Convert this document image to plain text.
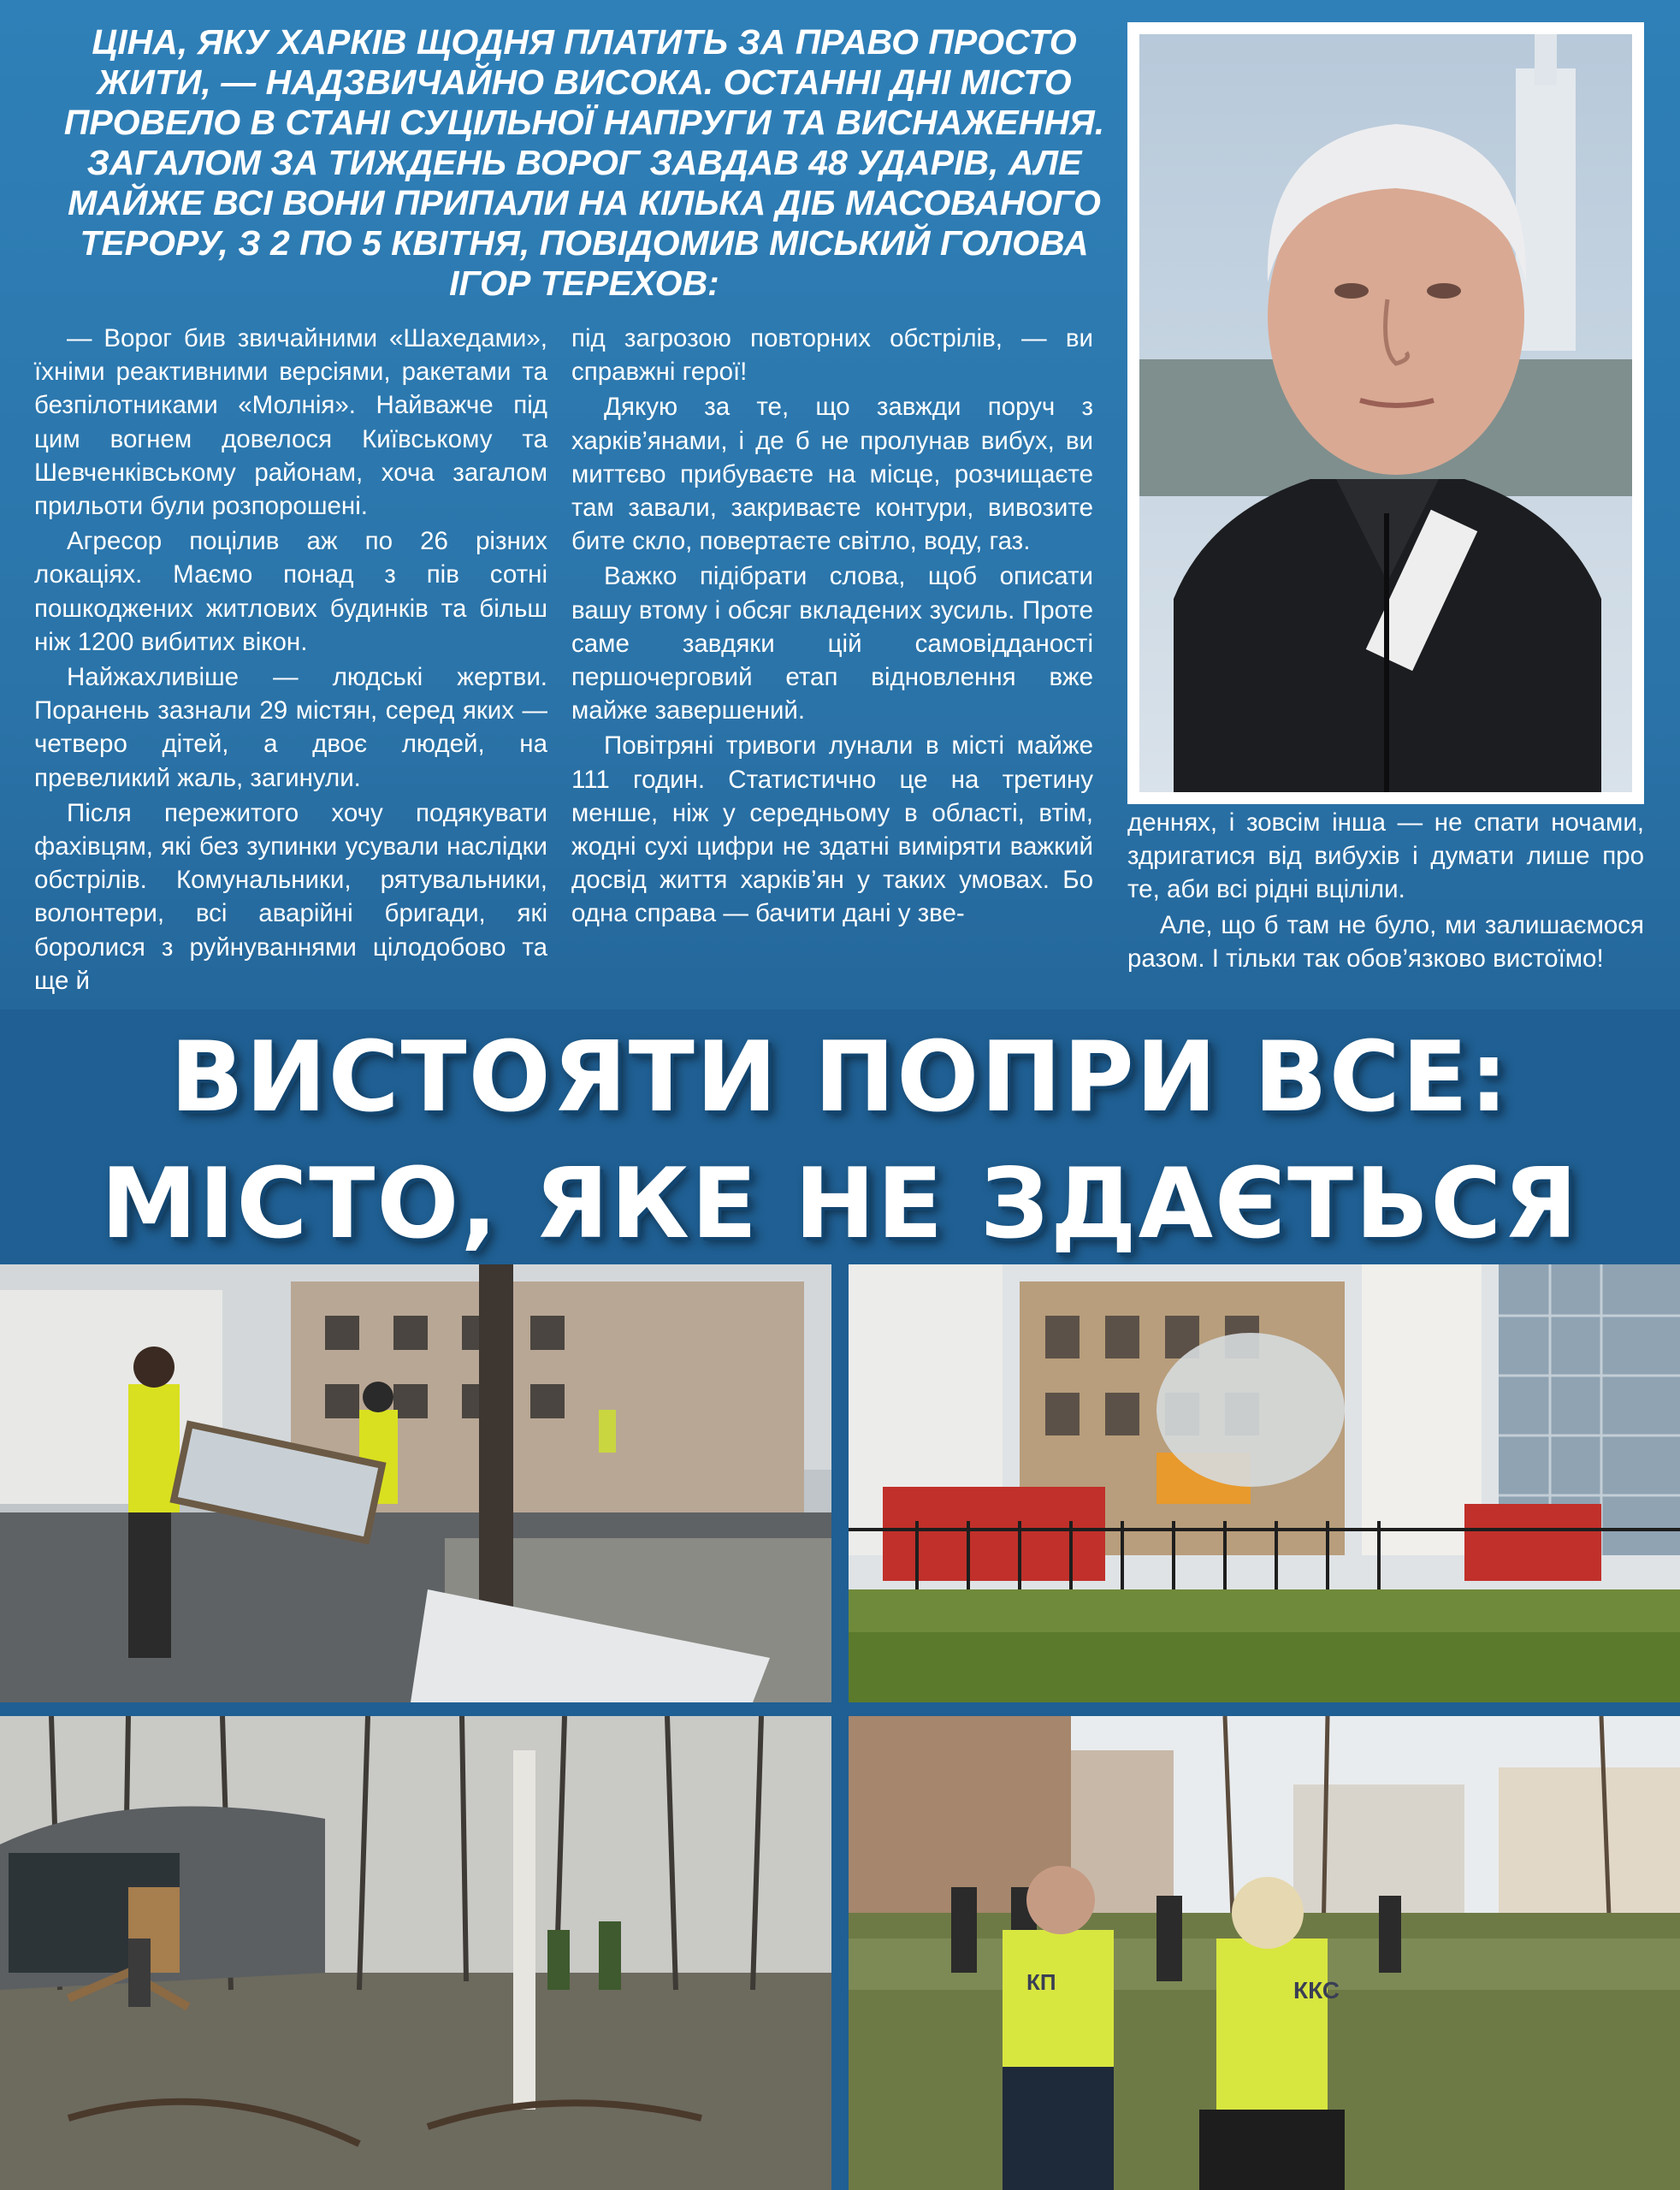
ЦІНА, ЯКУ ХАРКІВ ЩОДНЯ ПЛАТИТЬ ЗА ПРАВО ПРОСТО ЖИТИ, — НАДЗВИЧАЙНО ВИСОКА. ОСТАННІ ДНІ МІСТО ПРОВЕЛО В СТАНІ СУЦІЛЬНОЇ НАПРУГИ ТА ВИСНАЖЕННЯ. ЗАГАЛОМ ЗА ТИЖДЕНЬ ВОРОГ ЗАВДАВ 48 УДАРІВ, АЛЕ МАЙЖЕ ВСІ ВОНИ ПРИПАЛИ НА КІЛЬКА ДІБ МАСОВАНОГО ТЕРОРУ, З 2 ПО 5 КВІТНЯ, ПОВІДОМИВ МІСЬКИЙ ГОЛОВА ІГОР ТЕРЕХОВ:

— Ворог бив звичайними «Шахедами», їхніми реактивними версіями, ракетами та безпілотниками «Молнія». Найважче під цим вогнем довелося Київському та Шевченківському районам, хоча загалом прильоти були розпорошені.

Агресор поцілив аж по 26 різних локаціях. Маємо понад з пів сотні пошкоджених житлових будинків та більш ніж 1200 вибитих вікон.

Найжахливіше — людські жертви. Поранень зазнали 29 містян, серед яких — четверо дітей, а двоє людей, на превеликий жаль, загинули.

Після пережитого хочу подякувати фахівцям, які без зупинки усували наслідки обстрілів. Комунальники, рятувальники, волонтери, всі аварійні бригади, які боролися з руйнуваннями цілодобово та ще й

під загрозою повторних обстрілів, — ви справжні герої!

Дякую за те, що завжди поруч з харків’янами, і де б не пролунав вибух, ви миттєво прибуваєте на місце, розчищаєте там завали, закриваєте контури, вивозите бите скло, повертаєте світло, воду, газ.

Важко підібрати слова, щоб описати вашу втому і обсяг вкладених зусиль. Проте саме завдяки цій самовідданості першочерговий етап відновлення вже майже завершений.

Повітряні тривоги лунали в місті майже 111 годин. Статистично це на третину менше, ніж у середньому в області, втім, жодні сухі цифри не здатні виміряти важкий досвід життя харків’ян у таких умовах. Бо одна справа — бачити дані у зве-

деннях, і зовсім інша — не спати ночами, здригатися від вибухів і думати лише про те, аби всі рідні вціліли.

Але, що б там не було, ми залишаємося разом. І тільки так обов’язково вистоїмо!

ВИСТОЯТИ ПОПРИ ВСЕ:
МІСТО, ЯКЕ НЕ ЗДАЄТЬСЯ
ККС
КП
